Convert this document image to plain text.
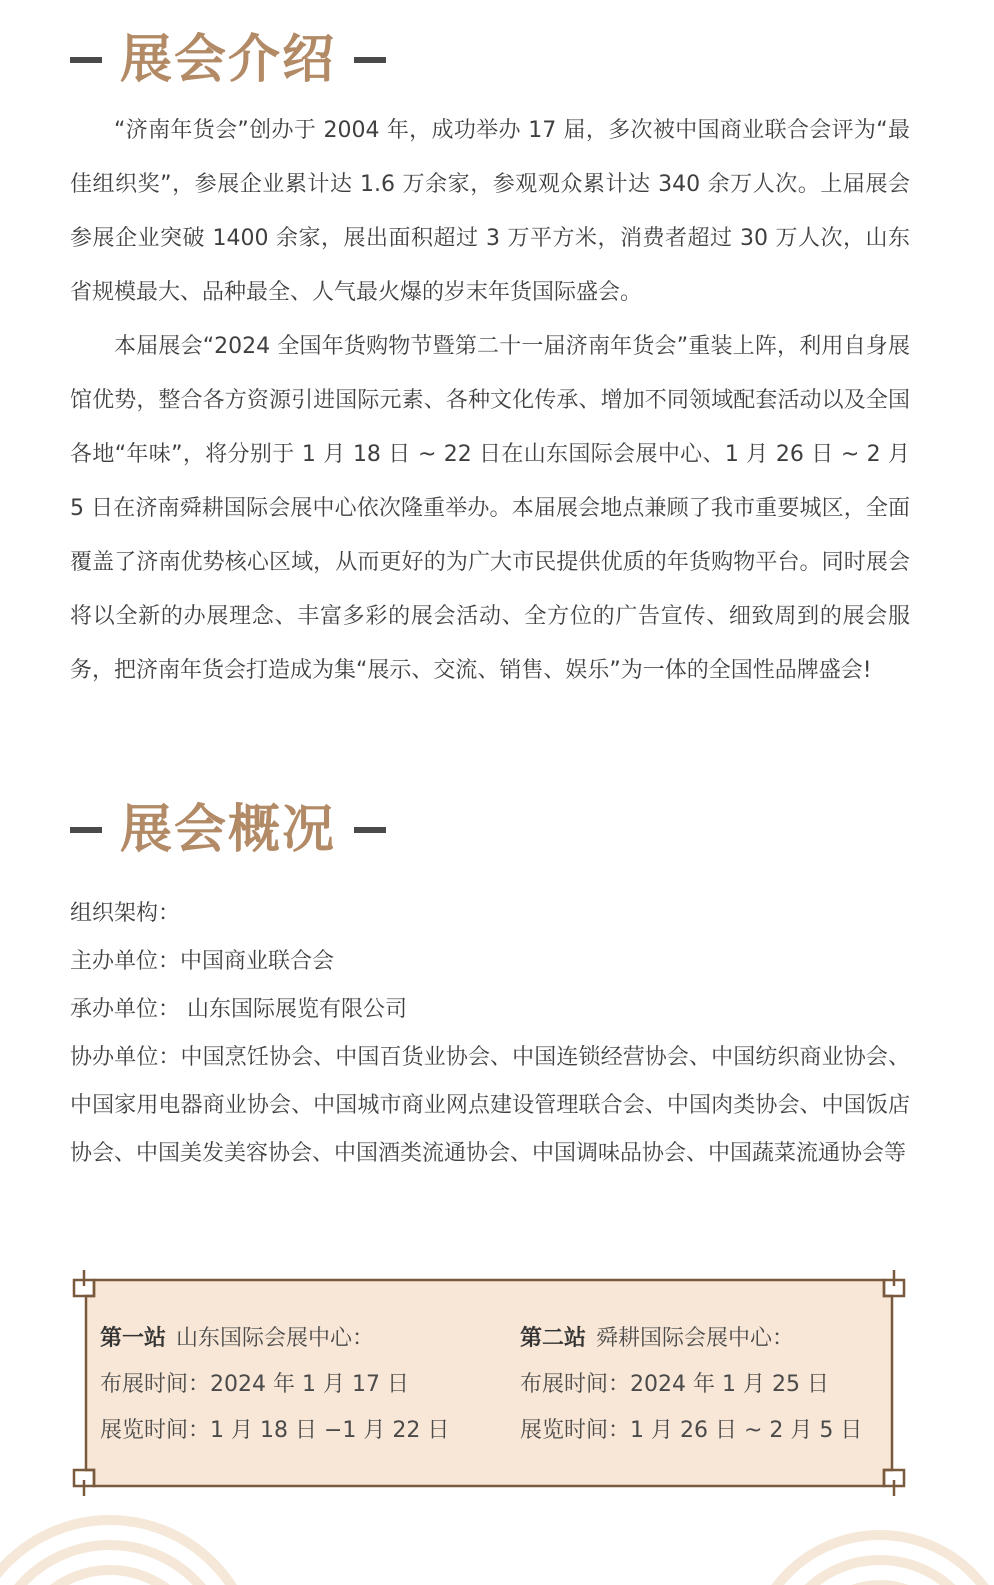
展会介绍

“济南年货会”创办于 2004 年，成功举办 17 届，多次被中国商业联合会评为“最佳组织奖”，参展企业累计达 1.6 万余家，参观观众累计达 340 余万人次。上届展会参展企业突破 1400 余家，展出面积超过 3 万平方米，消费者超过 30 万人次，山东省规模最大、品种最全、人气最火爆的岁末年货国际盛会。

本届展会“2024 全国年货购物节暨第二十一届济南年货会”重装上阵，利用自身展馆优势，整合各方资源引进国际元素、各种文化传承、增加不同领域配套活动以及全国各地“年味”，将分别于 1 月 18 日 ~ 22 日在山东国际会展中心、1 月 26 日 ~ 2 月 5 日在济南舜耕国际会展中心依次隆重举办。本届展会地点兼顾了我市重要城区，全面覆盖了济南优势核心区域，从而更好的为广大市民提供优质的年货购物平台。同时展会将以全新的办展理念、丰富多彩的展会活动、全方位的广告宣传、细致周到的展会服务，把济南年货会打造成为集“展示、交流、销售、娱乐”为一体的全国性品牌盛会!

展会概况

组织架构：

主办单位：中国商业联合会

承办单位： 山东国际展览有限公司

协办单位：中国烹饪协会、中国百货业协会、中国连锁经营协会、中国纺织商业协会、中国家用电器商业协会、中国城市商业网点建设管理联合会、中国肉类协会、中国饭店协会、中国美发美容协会、中国酒类流通协会、中国调味品协会、中国蔬菜流通协会等

第一站 山东国际会展中心：
布展时间：2024 年 1 月 17 日
展览时间：1 月 18 日 −1 月 22 日
第二站 舜耕国际会展中心：
布展时间：2024 年 1 月 25 日
展览时间：1 月 26 日 ~ 2 月 5 日
